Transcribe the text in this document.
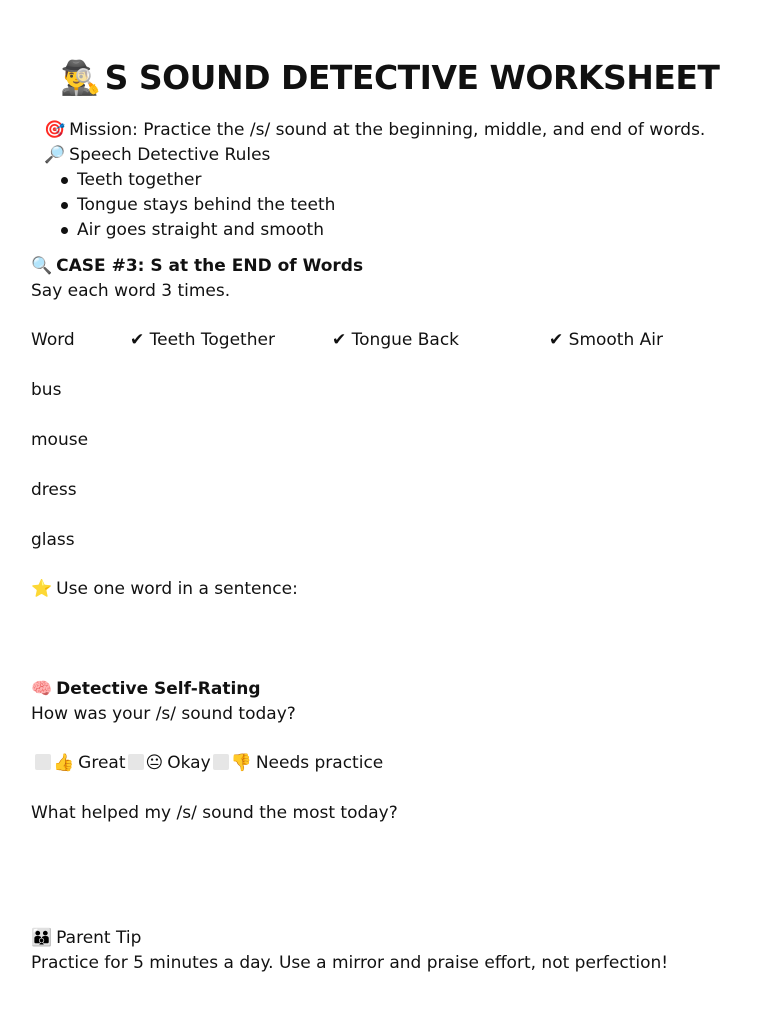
🕵️‍♂️ S SOUND DETECTIVE WORKSHEET
🎯 Mission: Practice the /s/ sound at the beginning, middle, and end of words.
🔎 Speech Detective Rules
Teeth together
Tongue stays behind the teeth
Air goes straight and smooth
🔍 CASE #3: S at the END of Words
Say each word 3 times.
Word	✔ Teeth Together	✔ Tongue Back	✔ Smooth Air
bus
mouse
dress
glass
⭐ Use one word in a sentence:
🧠 Detective Self-Rating
How was your /s/ sound today?
👍 Great 😐 Okay 👎 Needs practice
What helped my /s/ sound the most today?
👪 Parent Tip
Practice for 5 minutes a day. Use a mirror and praise effort, not perfection!
